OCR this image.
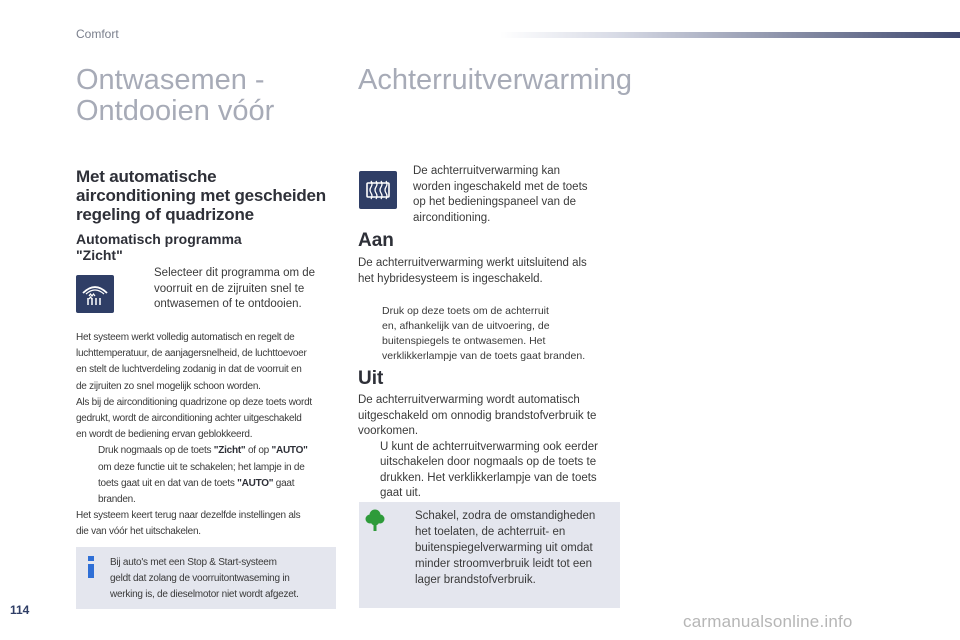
Comfort
Ontwasemen -
Ontdooien vóór
Met automatische
airconditioning met gescheiden
regeling of quadrizone
Automatisch programma
"Zicht"
Selecteer dit programma om de
voorruit en de zijruiten snel te
ontwasemen of te ontdooien.
Het systeem werkt volledig automatisch en regelt de
luchttemperatuur, de aanjagersnelheid, de luchttoevoer
en stelt de luchtverdeling zodanig in dat de voorruit en
de zijruiten zo snel mogelijk schoon worden.
Als bij de airconditioning quadrizone op deze toets wordt
gedrukt, wordt de airconditioning achter uitgeschakeld
en wordt de bediening ervan geblokkeerd.
Druk nogmaals op de toets "Zicht" of op "AUTO"
om deze functie uit te schakelen; het lampje in de
toets gaat uit en dat van de toets "AUTO" gaat
branden.
Het systeem keert terug naar dezelfde instellingen als
die van vóór het uitschakelen.
Bij auto's met een Stop & Start-systeem
geldt dat zolang de voorruitontwaseming in
werking is, de dieselmotor niet wordt afgezet.
Achterruitverwarming
De achterruitverwarming kan
worden ingeschakeld met de toets
op het bedieningspaneel van de
airconditioning.
Aan
De achterruitverwarming werkt uitsluitend als
het hybridesysteem is ingeschakeld.
Druk op deze toets om de achterruit
en, afhankelijk van de uitvoering, de
buitenspiegels te ontwasemen. Het
verklikkerlampje van de toets gaat branden.
Uit
De achterruitverwarming wordt automatisch
uitgeschakeld om onnodig brandstofverbruik te
voorkomen.
U kunt de achterruitverwarming ook eerder
uitschakelen door nogmaals op de toets te
drukken. Het verklikkerlampje van de toets
gaat uit.
Schakel, zodra de omstandigheden
het toelaten, de achterruit- en
buitenspiegelverwarming uit omdat
minder stroomverbruik leidt tot een
lager brandstofverbruik.
114
carmanualsonline.info
